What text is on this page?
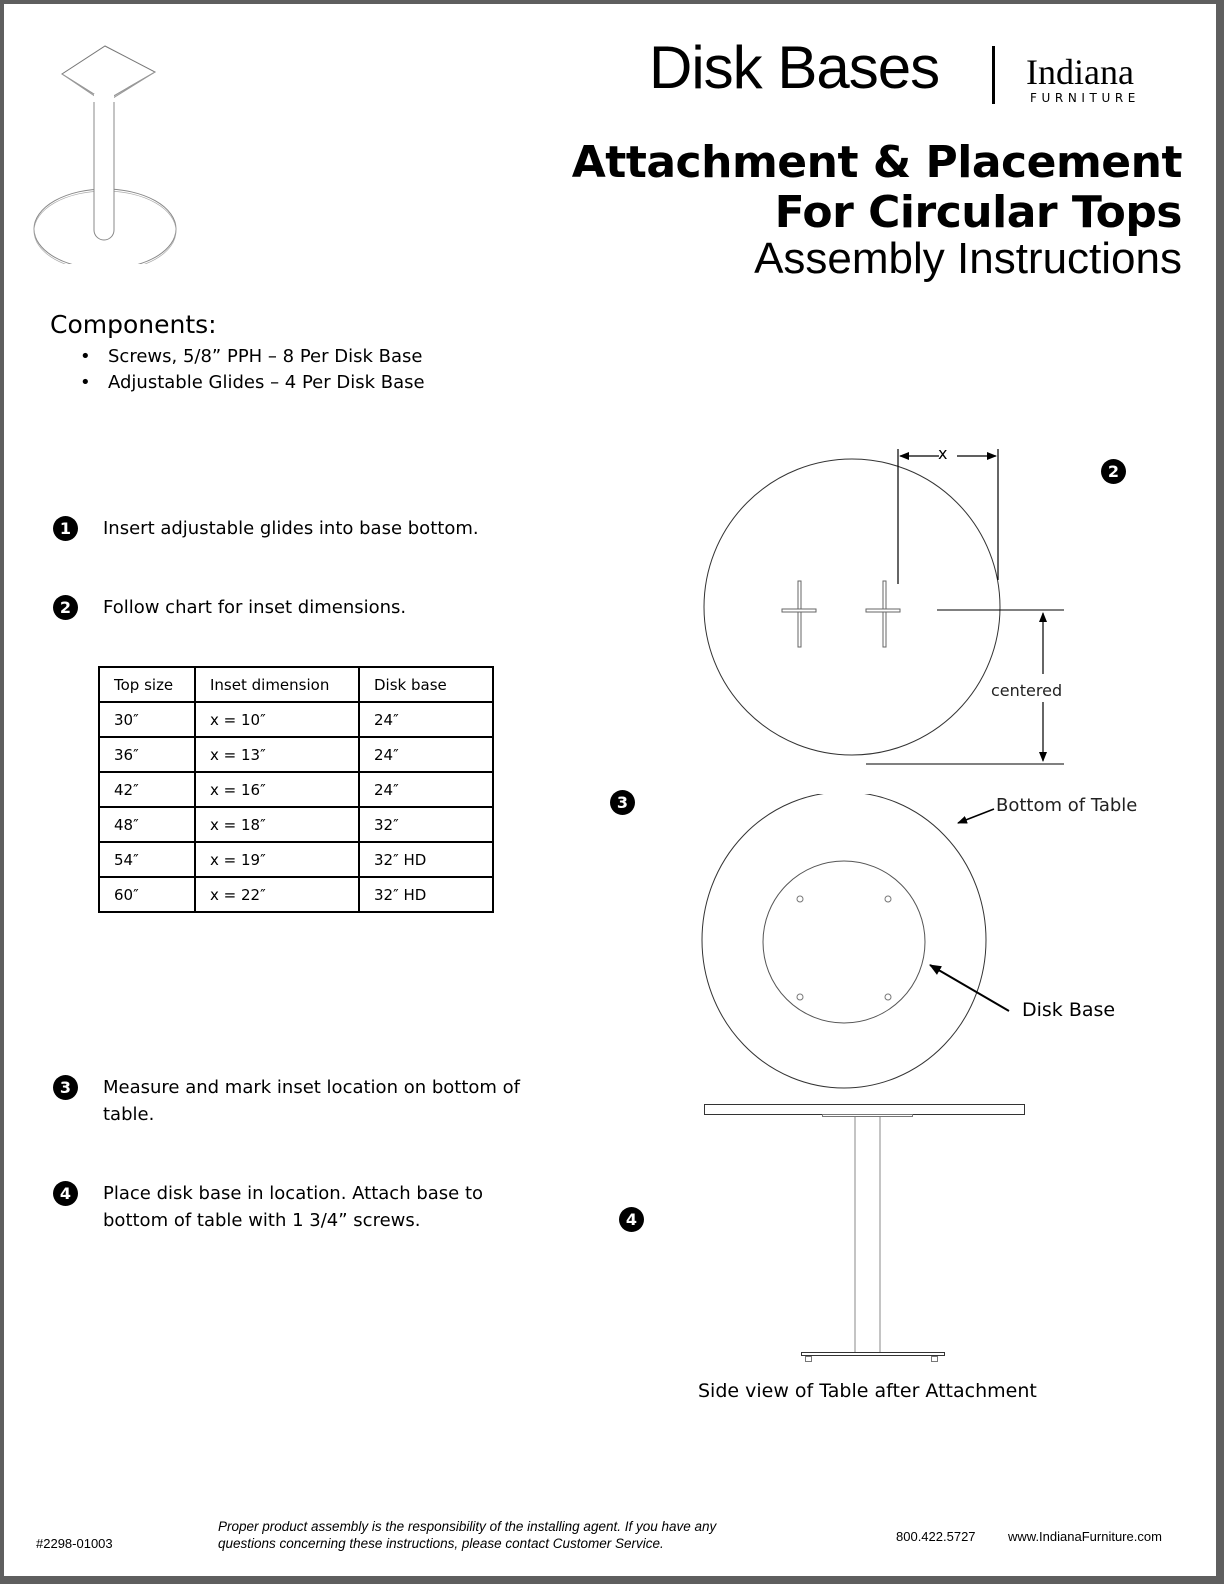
Disk Bases Indiana
FURNITURE
Attachment & Placement
For Circular Tops
Assembly Instructions
Components:
• Screws, 5/8” PPH – 8 Per Disk Base
• Adjustable Glides – 4 Per Disk Base
1	Insert adjustable glides into base bottom.
2	Follow chart for inset dimensions.
Top size	Inset dimension	Disk base
30″	x = 10″	24″
36″	x = 13″	24″
42″	x = 16″	24″
48″	x = 18″	32″
54″	x = 19″	32″ HD
60″	x = 22″	32″ HD
3	Measure and mark inset location on bottom of table.
4	Place disk base in location. Attach base to bottom of table with 1 3/4” screws.
2
x
centered
3	Bottom of Table
Disk Base
4
Side view of Table after Attachment
#2298-01003
Proper product assembly is the responsibility of the installing agent. If you have any questions concerning these instructions, please contact Customer Service.	800.422.5727 www.IndianaFurniture.com
